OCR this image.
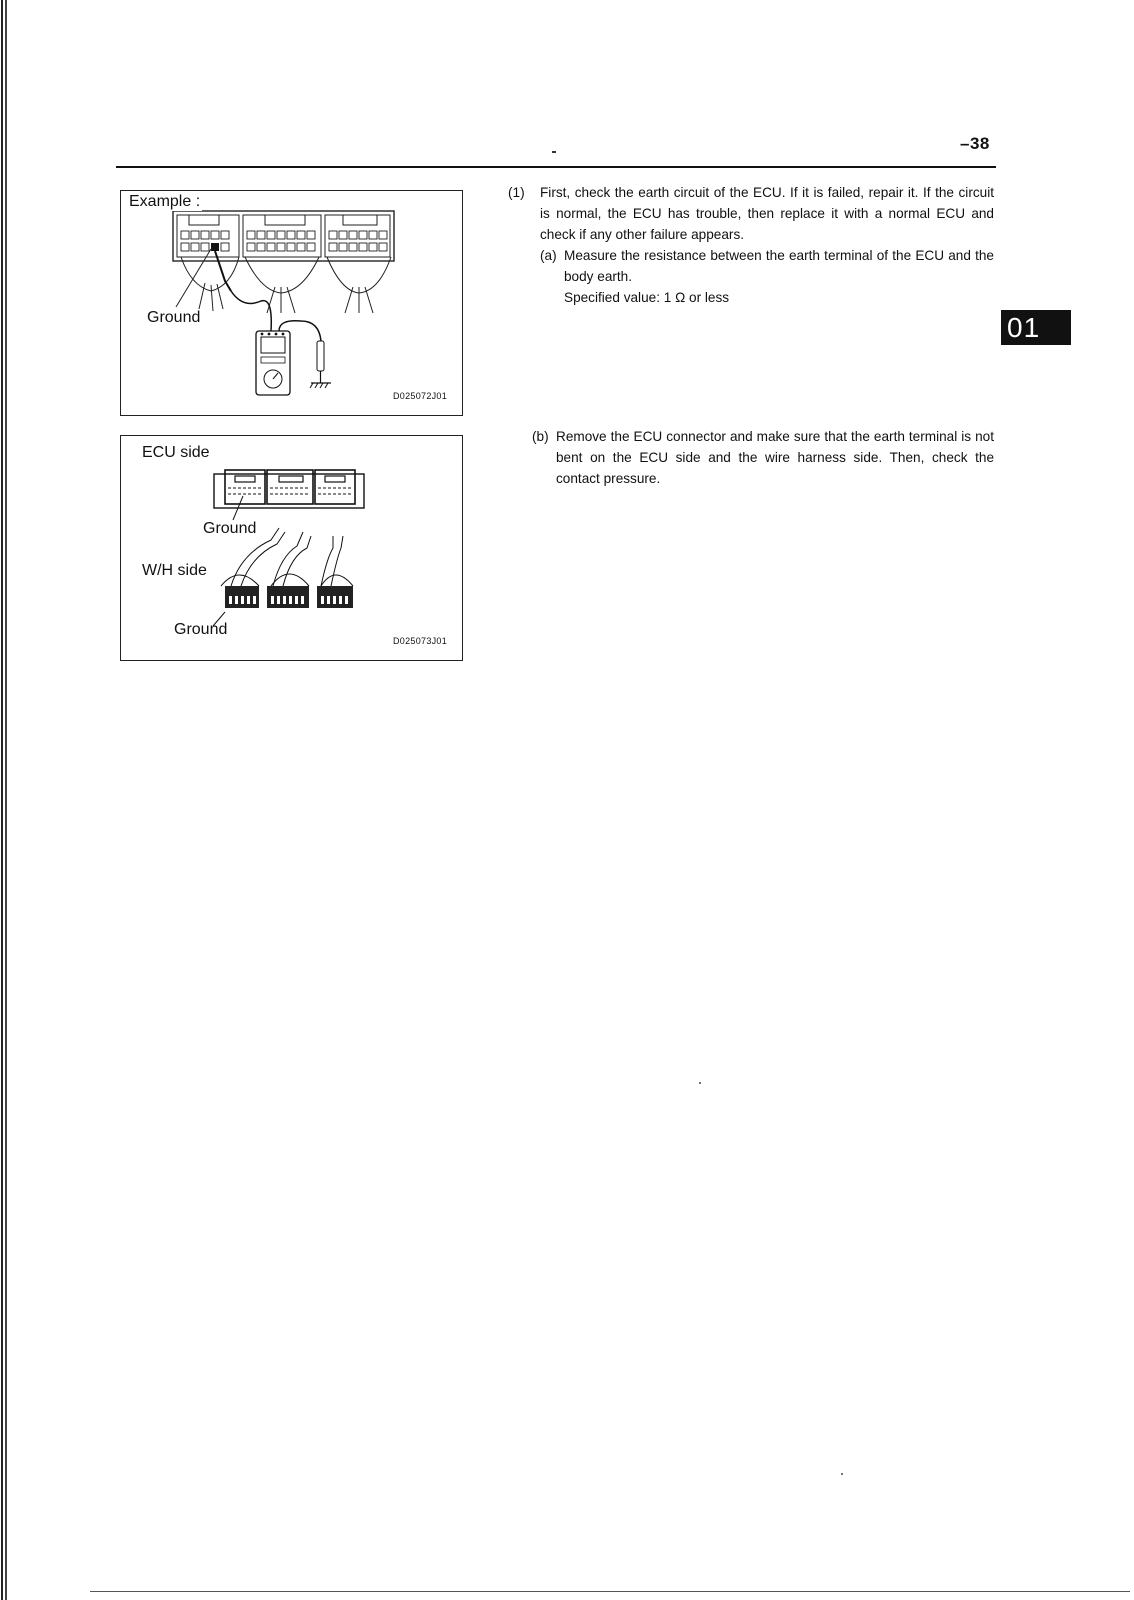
–38
01
Example :
Ground
D025072J01
ECU side
Ground
W/H side
Ground
D025073J01
(1) First, check the earth circuit of the ECU. If it is failed, repair it. If the circuit is normal, the ECU has trouble, then replace it with a normal ECU and check if any other failure appears.
(a) Measure the resistance between the earth terminal of the ECU and the body earth.
Specified value: 1 Ω or less
(b) Remove the ECU connector and make sure that the earth terminal is not bent on the ECU side and the wire harness side. Then, check the contact pressure.
